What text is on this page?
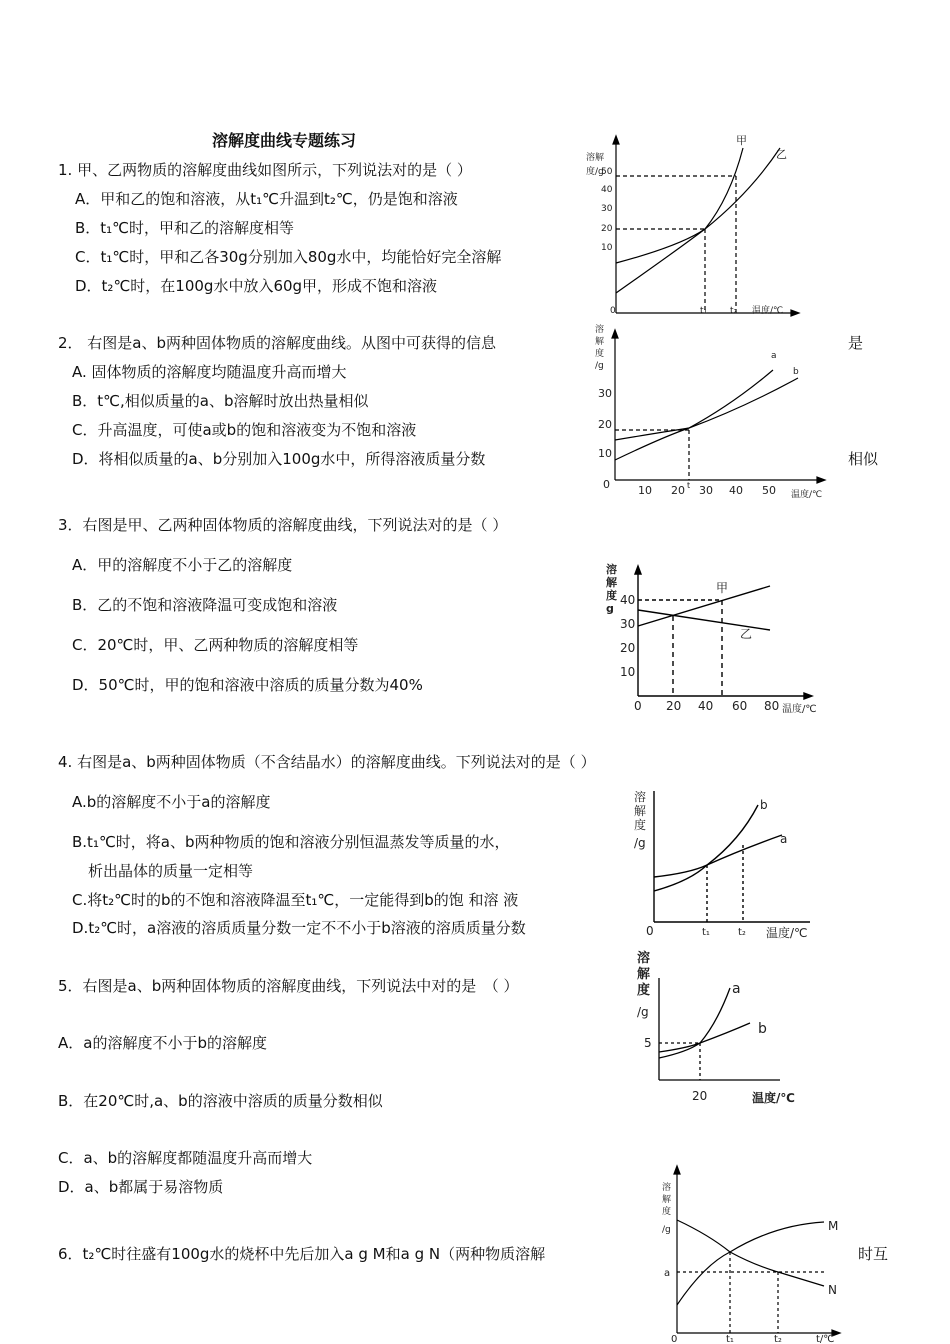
溶解度曲线专题练习
1. 甲、乙两物质的溶解度曲线如图所示，下列说法对的是（ ）
A．甲和乙的饱和溶液，从t₁℃升温到t₂℃，仍是饱和溶液
B．t₁℃时，甲和乙的溶解度相等
C．t₁℃时，甲和乙各30g分别加入80g水中，均能恰好完全溶解
D．t₂℃时，在100g水中放入60g甲，形成不饱和溶液
2． 右图是a、b两种固体物质的溶解度曲线。从图中可获得的信息	是
A. 固体物质的溶解度均随温度升高而增大
B．t℃,相似质量的a、b溶解时放出热量相似
C．升高温度，可使a或b的饱和溶液变为不饱和溶液
D．将相似质量的a、b分别加入100g水中，所得溶液质量分数	相似
3．右图是甲、乙两种固体物质的溶解度曲线，下列说法对的是（ ）
A．甲的溶解度不小于乙的溶解度
B．乙的不饱和溶液降温可变成饱和溶液
C．20℃时，甲、乙两种物质的溶解度相等
D．50℃时，甲的饱和溶液中溶质的质量分数为40%
4. 右图是a、b两种固体物质（不含结晶水）的溶解度曲线。下列说法对的是（ ）
A.b的溶解度不小于a的溶解度
B.t₁℃时，将a、b两种物质的饱和溶液分别恒温蒸发等质量的水，
析出晶体的质量一定相等
C.将t₂℃时的b的不饱和溶液降温至t₁℃，一定能得到b的饱 和溶 液
D.t₂℃时，a溶液的溶质质量分数一定不不小于b溶液的溶质质量分数
5．右图是a、b两种固体物质的溶解度曲线，下列说法中对的是　（ ）
A．a的溶解度不小于b的溶解度
B．在20℃时,a、b的溶液中溶质的质量分数相似
C．a、b的溶解度都随温度升高而增大
D．a、b都属于易溶物质
6．t₂℃时往盛有100g水的烧杯中先后加入a g M和a g N（两种物质溶解	时互
溶解
度/g
50
40
30
20
10
0	t₁	t₂ 温度/℃
甲
乙
溶
解
度
/g
30
20
10
0	10 20 t 30 40 50 温度/℃
a
b
溶
解
度
g
40
30
20
10
0 20 40 60 80 温度/℃
甲
乙
溶
解
度
/g
0	t₁	t₂ 温度/℃
b
a
溶
解
度
/g
5
20	温度/℃
a
b
溶
解
度
/g
a
0	t₁	t₂	t/℃
M
N
